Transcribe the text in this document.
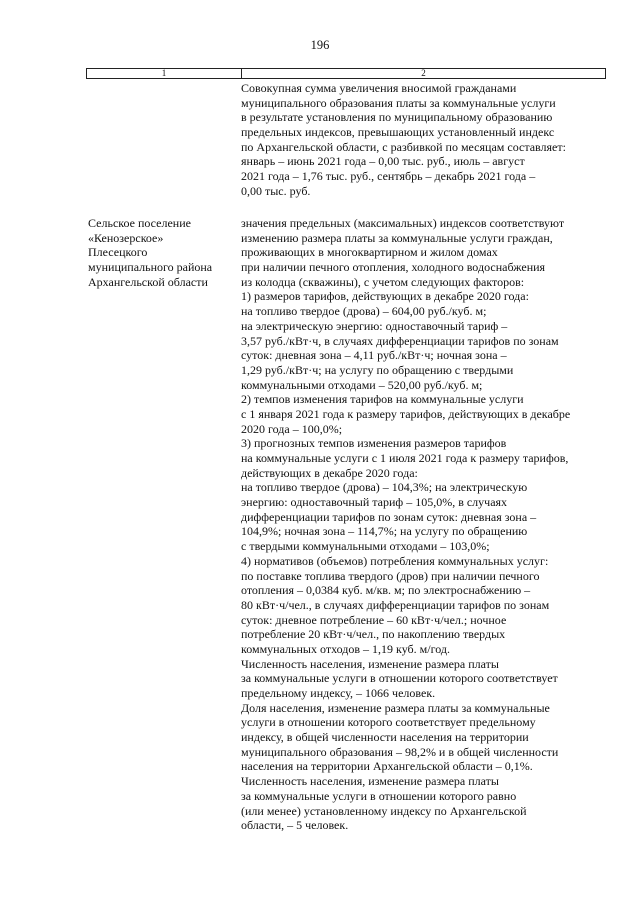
196
1	2
Совокупная сумма увеличения вносимой гражданами
муниципального образования платы за коммунальные услуги
в результате установления по муниципальному образованию
предельных индексов, превышающих установленный индекс
по Архангельской области, с разбивкой по месяцам составляет:
январь – июнь 2021 года – 0,00 тыс. руб., июль – август
2021 года – 1,76 тыс. руб., сентябрь – декабрь 2021 года –
0,00 тыс. руб.
Сельское поселение
«Кенозерское»
Плесецкого
муниципального района
Архангельской области
значения предельных (максимальных) индексов соответствуют
изменению размера платы за коммунальные услуги граждан,
проживающих в многоквартирном и жилом домах
при наличии печного отопления, холодного водоснабжения
из колодца (скважины), с учетом следующих факторов:
1) размеров тарифов, действующих в декабре 2020 года:
на топливо твердое (дрова) – 604,00 руб./куб. м;
на электрическую энергию: одноставочный тариф –
3,57 руб./кВт·ч, в случаях дифференциации тарифов по зонам
суток: дневная зона – 4,11 руб./кВт·ч; ночная зона –
1,29 руб./кВт·ч; на услугу по обращению с твердыми
коммунальными отходами – 520,00 руб./куб. м;
2) темпов изменения тарифов на коммунальные услуги
с 1 января 2021 года к размеру тарифов, действующих в декабре
2020 года – 100,0%;
3) прогнозных темпов изменения размеров тарифов
на коммунальные услуги с 1 июля 2021 года к размеру тарифов,
действующих в декабре 2020 года:
на топливо твердое (дрова) – 104,3%; на электрическую
энергию: одноставочный тариф – 105,0%, в случаях
дифференциации тарифов по зонам суток: дневная зона –
104,9%; ночная зона – 114,7%; на услугу по обращению
с твердыми коммунальными отходами – 103,0%;
4) нормативов (объемов) потребления коммунальных услуг:
по поставке топлива твердого (дров) при наличии печного
отопления – 0,0384 куб. м/кв. м; по электроснабжению –
80 кВт·ч/чел., в случаях дифференциации тарифов по зонам
суток: дневное потребление – 60 кВт·ч/чел.; ночное
потребление 20 кВт·ч/чел., по накоплению твердых
коммунальных отходов – 1,19 куб. м/год.
Численность населения, изменение размера платы
за коммунальные услуги в отношении которого соответствует
предельному индексу, – 1066 человек.
Доля населения, изменение размера платы за коммунальные
услуги в отношении которого соответствует предельному
индексу, в общей численности населения на территории
муниципального образования – 98,2% и в общей численности
населения на территории Архангельской области – 0,1%.
Численность населения, изменение размера платы
за коммунальные услуги в отношении которого равно
(или менее) установленному индексу по Архангельской
области, – 5 человек.
